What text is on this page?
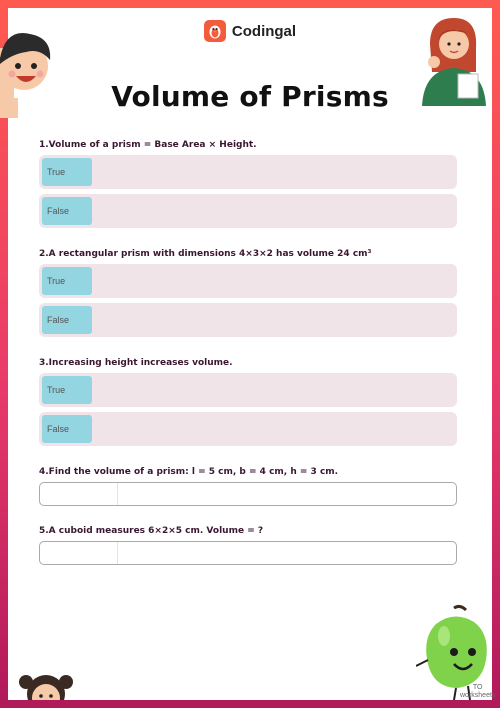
Codingal
Volume of Prisms
1.Volume of a prism = Base Area × Height.
True
False
2.A rectangular prism with dimensions 4×3×2 has volume 24 cm³
True
False
3.Increasing height increases volume.
True
False
4.Find the volume of a prism: l = 5 cm, b = 4 cm, h = 3 cm.
5.A cuboid measures 6×2×5 cm. Volume = ?
TO
worksheets
